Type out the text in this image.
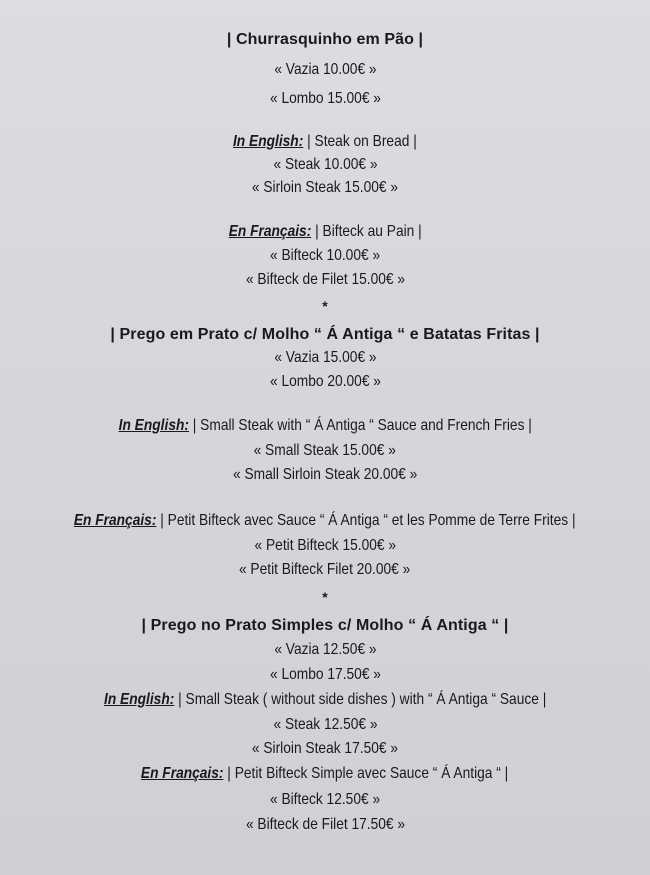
| Churrasquinho em Pão |
« Vazia 10.00€ »
« Lombo 15.00€ »
In English: | Steak on Bread |
« Steak 10.00€ »
« Sirloin Steak 15.00€ »
En Français: | Bifteck au Pain |
« Bifteck 10.00€ »
« Bifteck de Filet 15.00€ »
*
| Prego em Prato c/ Molho “ Á Antiga “ e Batatas Fritas |
« Vazia 15.00€ »
« Lombo 20.00€ »
In English: | Small Steak with “ Á Antiga “ Sauce and French Fries |
« Small Steak 15.00€ »
« Small Sirloin Steak 20.00€ »
En Français: | Petit Bifteck avec Sauce “ Á Antiga “ et les Pomme de Terre Frites |
« Petit Bifteck 15.00€ »
« Petit Bifteck Filet 20.00€ »
*
| Prego no Prato Simples c/ Molho “ Á Antiga “ |
« Vazia 12.50€ »
« Lombo 17.50€ »
In English: | Small Steak ( without side dishes ) with “ Á Antiga “ Sauce |
« Steak 12.50€ »
« Sirloin Steak 17.50€ »
En Français: | Petit Bifteck Simple avec Sauce “ Á Antiga “ |
« Bifteck 12.50€ »
« Bifteck de Filet 17.50€ »
